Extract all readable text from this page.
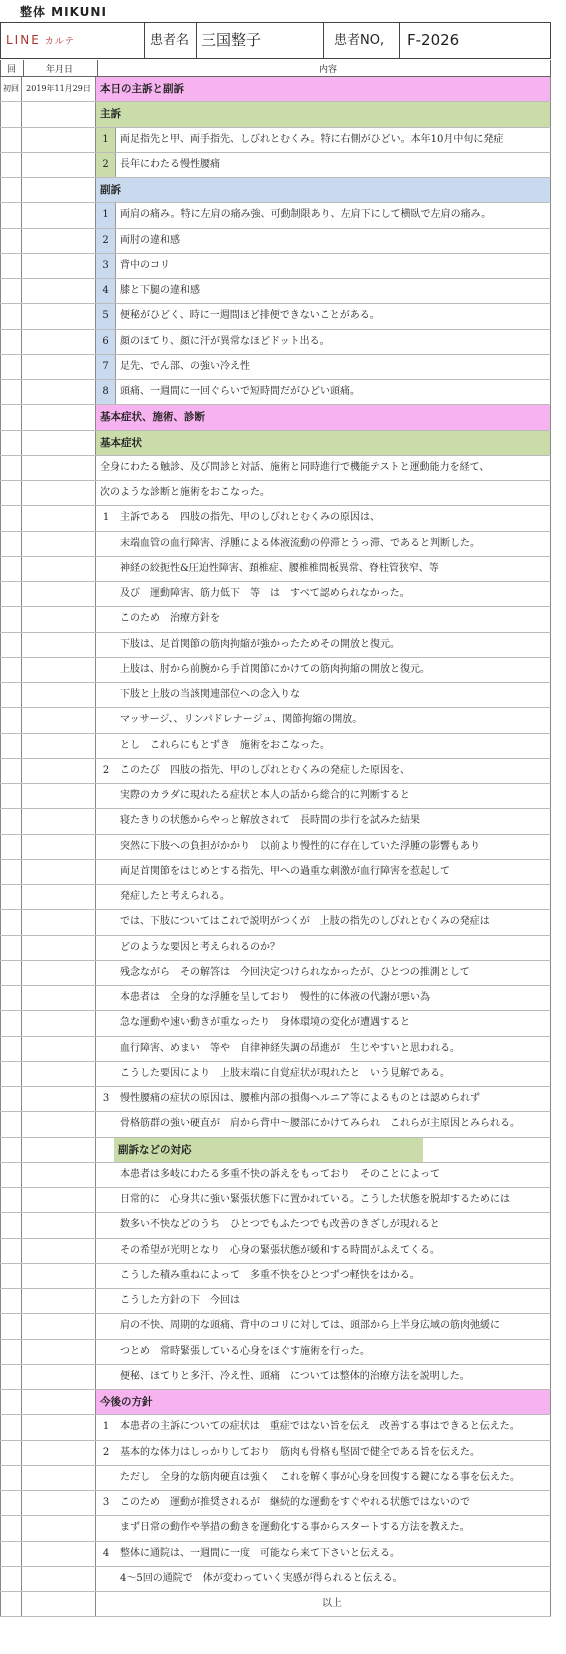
整体 MIKUNI
LINE カルテ	患者名 三国整子	患者NO, F-2026
回	年月日	内容
初回 2019年11月29日 本日の主訴と副訴
主訴
1	両足指先と甲、両手指先、しびれとむくみ。特に右側がひどい。本年10月中旬に発症
2	長年にわたる慢性腰痛
副訴
1	両肩の痛み。特に左肩の痛み強、可動制限あり、左肩下にして横臥で左肩の痛み。
2	両肘の違和感
3	背中のコリ
4	膝と下腿の違和感
5	便秘がひどく、時に一週間ほど排便できないことがある。
6	顔のほてり、顔に汗が異常なほどドット出る。
7	足先、でん部、の強い冷え性
8	頭痛、一週間に一回ぐらいで短時間だがひどい頭痛。
基本症状、施術、診断
基本症状
全身にわたる触診、及び問診と対話、施術と同時進行で機能テストと運動能力を経て、
次のような診断と施術をおこなった。
1	主訴である　四肢の指先、甲のしびれとむくみの原因は、
末端血管の血行障害、浮腫による体液流動の停滞とうっ滞、であると判断した。
神経の絞扼性&圧迫性障害、頚椎症、腰椎椎間板異常、脊柱管狭窄、等
及び　運動障害、筋力低下　等　は　すべて認められなかった。
このため　治療方針を
下肢は、足首関節の筋肉拘縮が強かったためその開放と復元。
上肢は、肘から前腕から手首関節にかけての筋肉拘縮の開放と復元。
下肢と上肢の当該関連部位への念入りな
マッサージ、、リンパドレナージュ、関節拘縮の開放。
とし　これらにもとずき　施術をおこなった。
2	このたび　四肢の指先、甲のしびれとむくみの発症した原因を、
実際のカラダに現れたる症状と本人の話から総合的に判断すると
寝たきりの状態からやっと解放されて　長時間の歩行を試みた結果
突然に下肢への負担がかかり　以前より慢性的に存在していた浮腫の影響もあり
両足首関節をはじめとする指先、甲への過重な刺激が血行障害を惹起して
発症したと考えられる。
では、下肢についてはこれで説明がつくが　上肢の指先のしびれとむくみの発症は
どのような要因と考えられるのか？
残念ながら　その解答は　今回決定つけられなかったが、ひとつの推測として
本患者は　全身的な浮腫を呈しており　慢性的に体液の代謝が悪い為
急な運動や速い動きが重なったり　身体環境の変化が遭遇すると
血行障害、めまい　等や　自律神経失調の昂進が　生じやすいと思われる。
こうした要因により　上肢末端に自覚症状が現れたと　いう見解である。
3	慢性腰痛の症状の原因は、腰椎内部の損傷ヘルニア等によるものとは認められず
骨格筋群の強い硬直が　肩から背中～腰部にかけてみられ　これらが主原因とみられる。
副訴などの対応
本患者は多岐にわたる多重不快の訴えをもっており　そのことによって
日常的に　心身共に強い緊張状態下に置かれている。こうした状態を脱却するためには
数多い不快などのうち　ひとつでもふたつでも改善のきざしが現れると
その希望が光明となり　心身の緊張状態が緩和する時間がふえてくる。
こうした積み重ねによって　多重不快をひとつずつ軽快をはかる。
こうした方針の下　今回は
肩の不快、周期的な頭痛、背中のコリに対しては、頭部から上半身広域の筋肉弛緩に
つとめ　常時緊張している心身をほぐす施術を行った。
便秘、ほてりと多汗、冷え性、頭痛　については整体的治療方法を説明した。
今後の方針
1	本患者の主訴についての症状は　重症ではない旨を伝え　改善する事はできると伝えた。
2	基本的な体力はしっかりしており　筋肉も骨格も堅固で健全である旨を伝えた。
ただし　全身的な筋肉硬直は強く　これを解く事が心身を回復する鍵になる事を伝えた。
3	このため　運動が推奨されるが　継続的な運動をすぐやれる状態ではないので
まず日常の動作や挙措の動きを運動化する事からスタートする方法を教えた。
4	整体に通院は、一週間に一度　可能なら来て下さいと伝える。
4～5回の通院で　体が変わっていく実感が得られると伝える。
以上
